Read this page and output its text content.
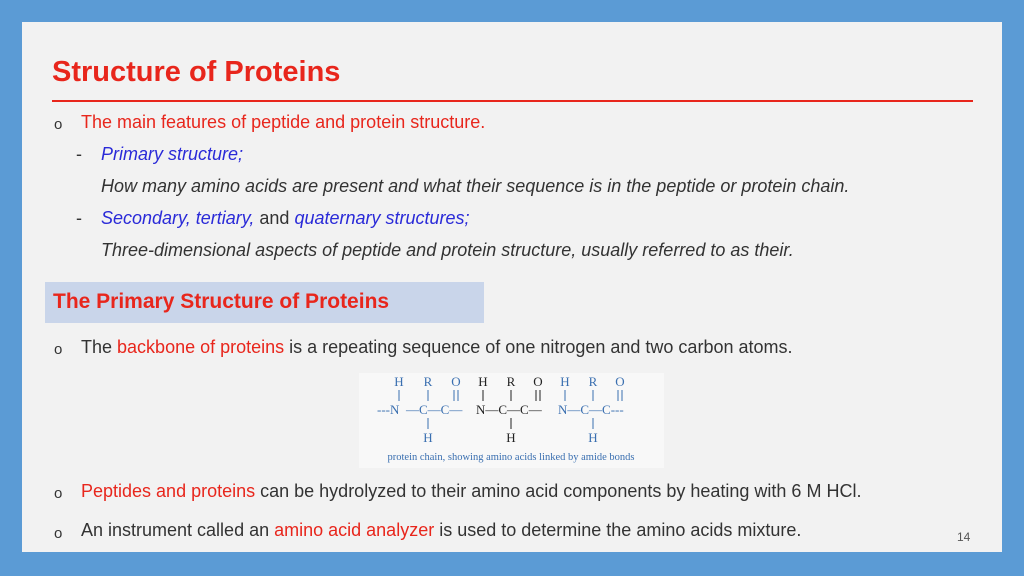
Structure of Proteins
o The main features of peptide and protein structure.
- Primary structure;
How many amino acids are present and what their sequence is in the peptide or protein chain.
- Secondary, tertiary, and quaternary structures;
Three-dimensional aspects of peptide and protein structure, usually referred to as their.
The Primary Structure of Proteins
o The backbone of proteins is a repeating sequence of one nitrogen and two carbon atoms.
H R O H R O H R O
---N —C—C— N—C—C— N—C—C---
H	H	H
protein chain, showing amino acids linked by amide bonds
o Peptides and proteins can be hydrolyzed to their amino acid components by heating with 6 M HCl.
o An instrument called an amino acid analyzer is used to determine the amino acids mixture.	14
